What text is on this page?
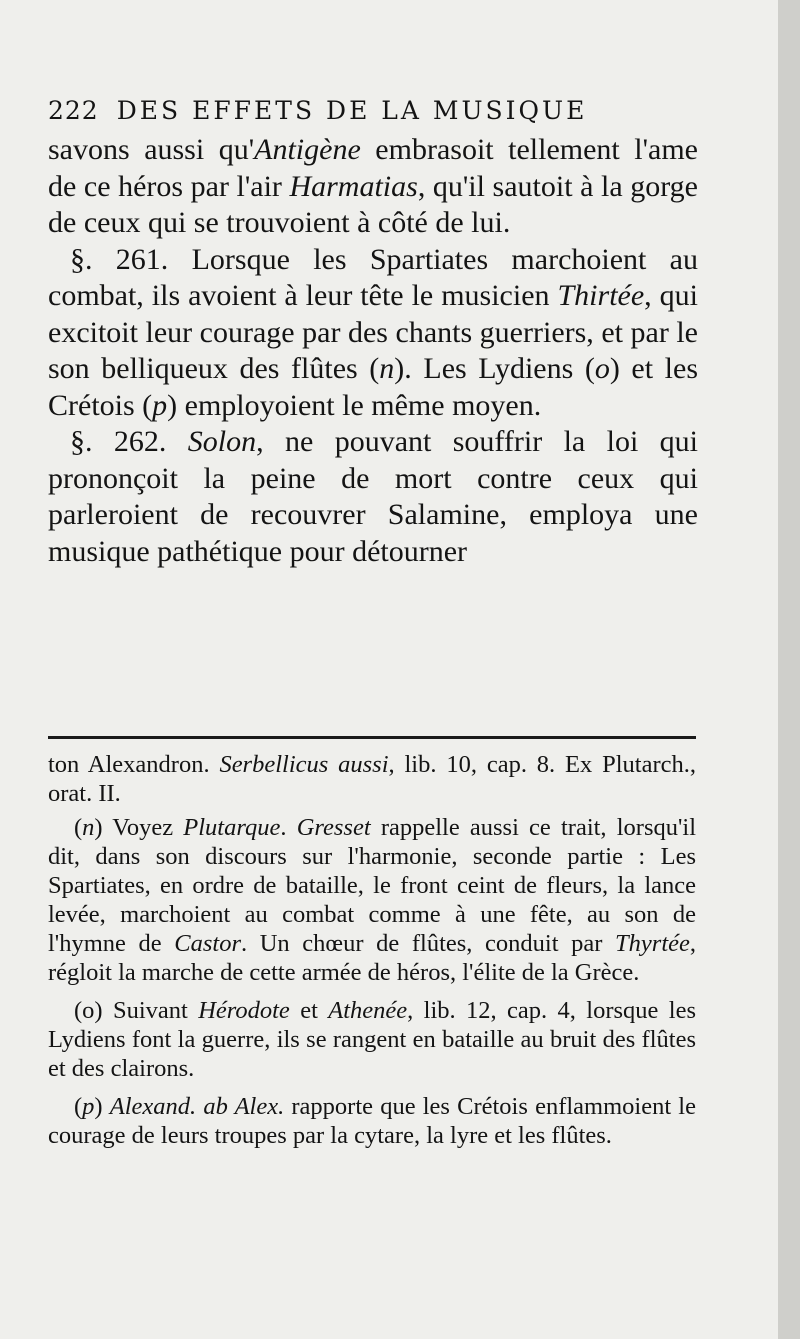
222 DES EFFETS DE LA MUSIQUE

savons aussi qu'Antigène embrasoit tellement l'ame de ce héros par l'air Harmatias, qu'il sautoit à la gorge de ceux qui se trouvoient à côté de lui.

§. 261. Lorsque les Spartiates marchoient au combat, ils avoient à leur tête le musicien Thirtée, qui excitoit leur courage par des chants guerriers, et par le son belliqueux des flûtes (n). Les Lydiens (o) et les Crétois (p) employoient le même moyen.

§. 262. Solon, ne pouvant souffrir la loi qui prononçoit la peine de mort contre ceux qui parleroient de recouvrer Salamine, employa une musique pathétique pour détourner

ton Alexandron. Serbellicus aussi, lib. 10, cap. 8. Ex Plutarch., orat. II.

(n) Voyez Plutarque. Gresset rappelle aussi ce trait, lorsqu'il dit, dans son discours sur l'harmonie, seconde partie : Les Spartiates, en ordre de bataille, le front ceint de fleurs, la lance levée, marchoient au combat comme à une fête, au son de l'hymne de Castor. Un chœur de flûtes, conduit par Thyrtée, régloit la marche de cette armée de héros, l'élite de la Grèce.

(o) Suivant Hérodote et Athenée, lib. 12, cap. 4, lorsque les Lydiens font la guerre, ils se rangent en bataille au bruit des flûtes et des clairons.

(p) Alexand. ab Alex. rapporte que les Crétois enflammoient le courage de leurs troupes par la cytare, la lyre et les flûtes.
